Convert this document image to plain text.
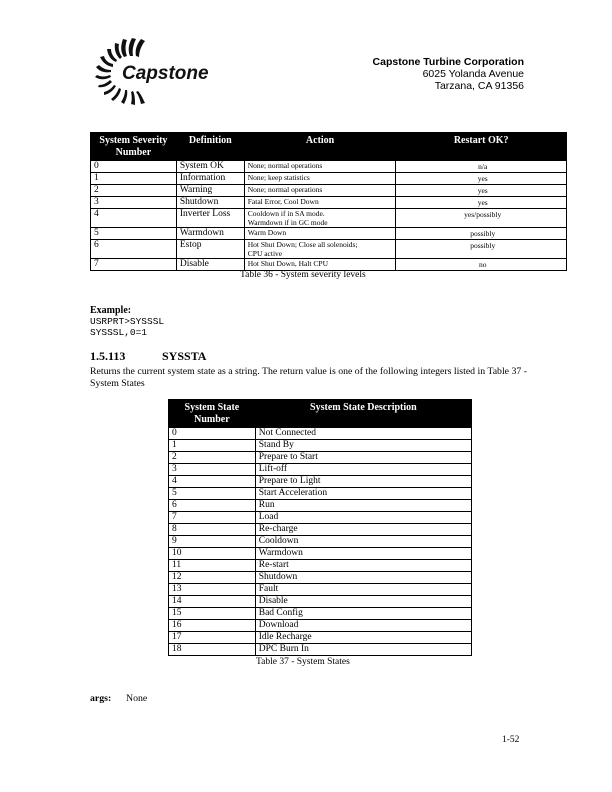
Capstone
Capstone Turbine Corporation
6025 Yolanda Avenue
Tarzana, CA 91356
System Severity Number	Definition	Action	Restart OK?
0	System OK	None; normal operations	n/a
1	Information	None; keep statistics	yes
2	Warning	None; normal operations	yes
3	Shutdown	Fatal Error, Cool Down	yes
4	Inverter Loss	Cooldown if in SA mode.
Warmdown if in GC mode	yes/possibly
5	Warmdown	Warm Down	possibly
6	Estop	Hot Shut Down; Close all solenoids;
CPU active	possibly
7	Disable	Hot Shut Down, Halt CPU	no
Table 36 - System severity levels
Example:
USRPRT>SYSSSL
SYSSSL,0=1
1.5.113	SYSSTA
Returns the current system state as a string. The return value is one of the following integers listed in Table 37 - System States
System State Number	System State Description
0	Not Connected
1	Stand By
2	Prepare to Start
3	Lift-off
4	Prepare to Light
5	Start Acceleration
6	Run
7	Load
8	Re-charge
9	Cooldown
10	Warmdown
11	Re-start
12	Shutdown
13	Fault
14	Disable
15	Bad Config
16	Download
17	Idle Recharge
18	DPC Burn In
Table 37 - System States
args: None
1-52
